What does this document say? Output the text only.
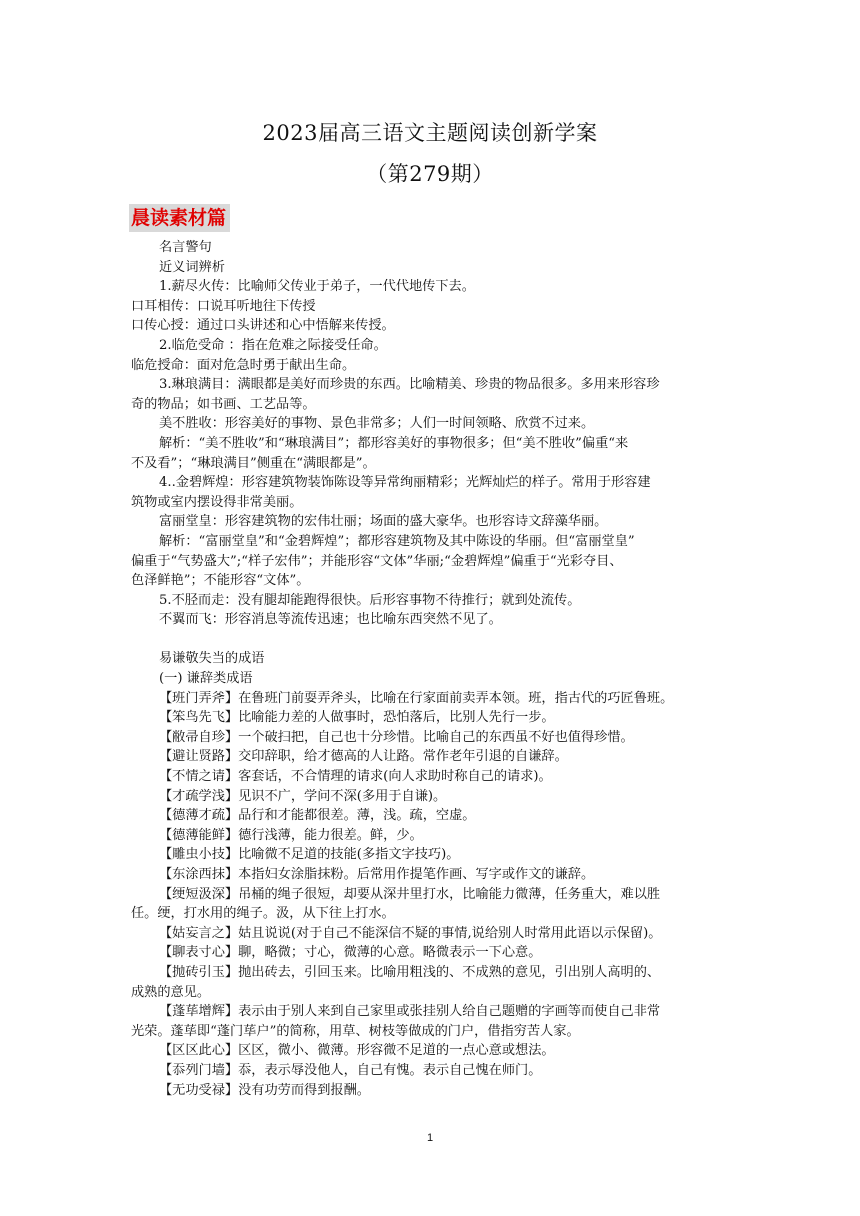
2023届高三语文主题阅读创新学案
（第279期）
晨读素材篇
名言警句
近义词辨析
1.薪尽火传：比喻师父传业于弟子，一代代地传下去。
口耳相传：口说耳听地往下传授
口传心授：通过口头讲述和心中悟解来传授。
2.临危受命 ：指在危难之际接受任命。
临危授命：面对危急时勇于献出生命。
3.琳琅满目：满眼都是美好而珍贵的东西。比喻精美、珍贵的物品很多。多用来形容珍
奇的物品；如书画、工艺品等。
美不胜收：形容美好的事物、景色非常多；人们一时间领略、欣赏不过来。
解析：“美不胜收”和“琳琅满目”；都形容美好的事物很多；但“美不胜收”偏重“来
不及看”；“琳琅满目”侧重在“满眼都是”。
4..金碧辉煌：形容建筑物装饰陈设等异常绚丽精彩；光辉灿烂的样子。常用于形容建
筑物或室内摆设得非常美丽。
富丽堂皇：形容建筑物的宏伟壮丽；场面的盛大豪华。也形容诗文辞藻华丽。
解析：“富丽堂皇”和“金碧辉煌”；都形容建筑物及其中陈设的华丽。但“富丽堂皇”
偏重于“气势盛大”;“样子宏伟”；并能形容“文体”华丽;“金碧辉煌”偏重于“光彩夺目、
色泽鲜艳”；不能形容“文体”。
5.不胫而走：没有腿却能跑得很快。后形容事物不待推行；就到处流传。
不翼而飞：形容消息等流传迅速；也比喻东西突然不见了。
易谦敬失当的成语
(一) 谦辞类成语
【班门弄斧】在鲁班门前耍弄斧头，比喻在行家面前卖弄本领。班，指古代的巧匠鲁班。
【笨鸟先飞】比喻能力差的人做事时，恐怕落后，比别人先行一步。
【敝帚自珍】一个破扫把，自己也十分珍惜。比喻自己的东西虽不好也值得珍惜。
【避让贤路】交印辞职，给才德高的人让路。常作老年引退的自谦辞。
【不情之请】客套话，不合情理的请求(向人求助时称自己的请求)。
【才疏学浅】见识不广，学问不深(多用于自谦)。
【德薄才疏】品行和才能都很差。薄，浅。疏，空虚。
【德薄能鲜】德行浅薄，能力很差。鲜，少。
【雕虫小技】比喻微不足道的技能(多指文字技巧)。
【东涂西抹】本指妇女涂脂抹粉。后常用作提笔作画、写字或作文的谦辞。
【绠短汲深】吊桶的绳子很短，却要从深井里打水，比喻能力微薄，任务重大，难以胜
任。绠，打水用的绳子。汲，从下往上打水。
【姑妄言之】姑且说说(对于自己不能深信不疑的事情,说给别人时常用此语以示保留)。
【聊表寸心】聊，略微；寸心，微薄的心意。略微表示一下心意。
【抛砖引玉】抛出砖去，引回玉来。比喻用粗浅的、不成熟的意见，引出别人高明的、
成熟的意见。
【蓬荜增辉】表示由于别人来到自己家里或张挂别人给自己题赠的字画等而使自己非常
光荣。蓬荜即“蓬门荜户”的简称，用草、树枝等做成的门户，借指穷苦人家。
【区区此心】区区，微小、微薄。形容微不足道的一点心意或想法。
【忝列门墙】忝，表示辱没他人，自己有愧。表示自己愧在师门。
【无功受禄】没有功劳而得到报酬。
1
